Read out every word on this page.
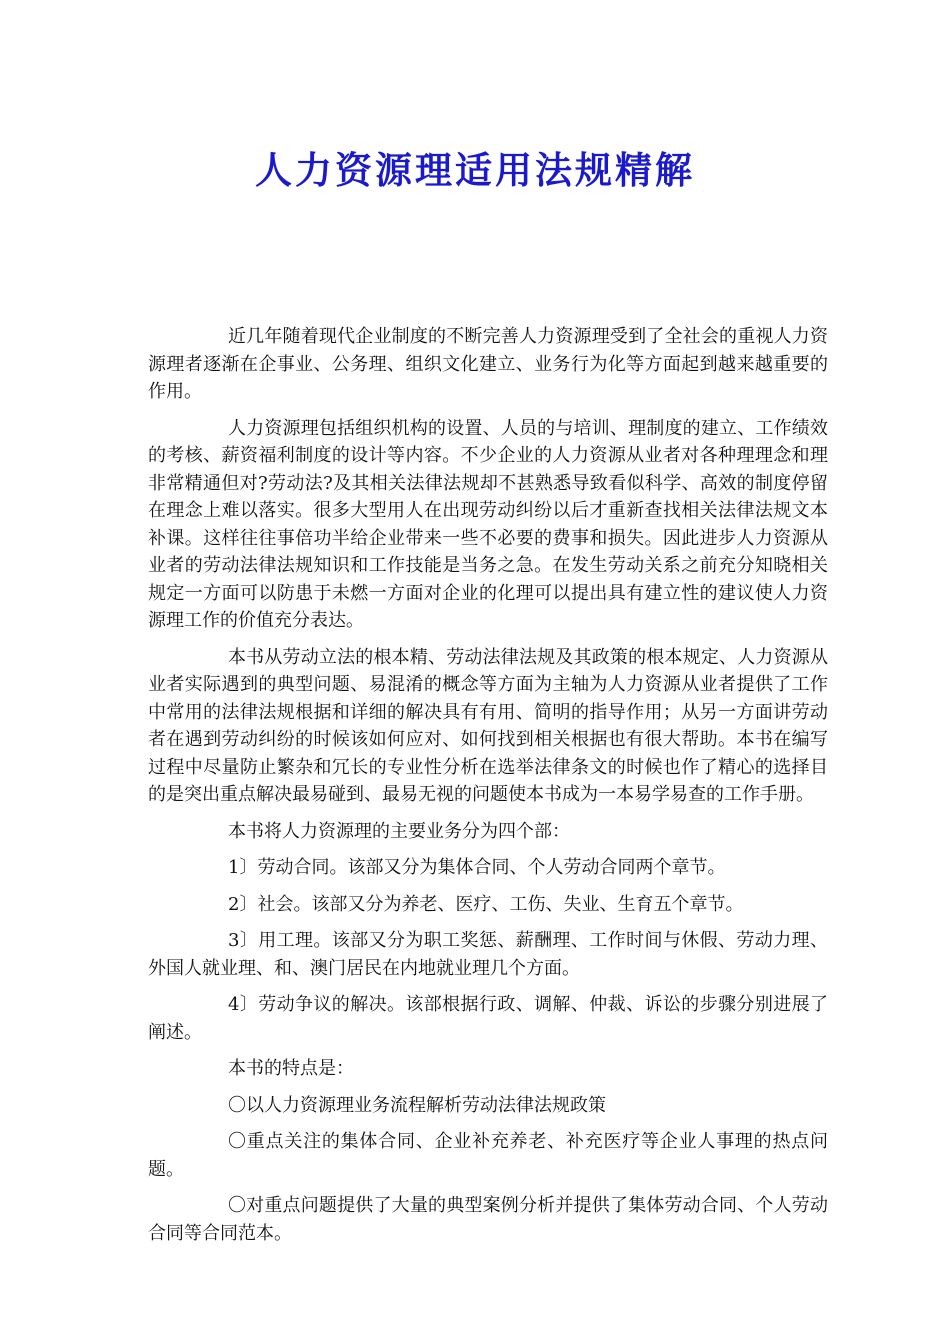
人力资源理适用法规精解

近几年随着现代企业制度的不断完善人力资源理受到了全社会的重视人力资源理者逐渐在企事业、公务理、组织文化建立、业务行为化等方面起到越来越重要的作用。

人力资源理包括组织机构的设置、人员的与培训、理制度的建立、工作绩效的考核、薪资福利制度的设计等内容。不少企业的人力资源从业者对各种理理念和理非常精通但对?劳动法?及其相关法律法规却不甚熟悉导致看似科学、高效的制度停留在理念上难以落实。很多大型用人在出现劳动纠纷以后才重新查找相关法律法规文本补课。这样往往事倍功半给企业带来一些不必要的费事和损失。因此进步人力资源从业者的劳动法律法规知识和工作技能是当务之急。在发生劳动关系之前充分知晓相关规定一方面可以防患于未燃一方面对企业的化理可以提出具有建立性的建议使人力资源理工作的价值充分表达。

本书从劳动立法的根本精、劳动法律法规及其政策的根本规定、人力资源从业者实际遇到的典型问题、易混淆的概念等方面为主轴为人力资源从业者提供了工作中常用的法律法规根据和详细的解决具有有用、简明的指导作用；从另一方面讲劳动者在遇到劳动纠纷的时候该如何应对、如何找到相关根据也有很大帮助。本书在编写过程中尽量防止繁杂和冗长的专业性分析在选举法律条文的时候也作了精心的选择目的是突出重点解决最易碰到、最易无视的问题使本书成为一本易学易查的工作手册。

本书将人力资源理的主要业务分为四个部：

1〕劳动合同。该部又分为集体合同、个人劳动合同两个章节。

2〕社会。该部又分为养老、医疗、工伤、失业、生育五个章节。

3〕用工理。该部又分为职工奖惩、薪酬理、工作时间与休假、劳动力理、外国人就业理、和、澳门居民在内地就业理几个方面。

4〕劳动争议的解决。该部根据行政、调解、仲裁、诉讼的步骤分别进展了阐述。

本书的特点是：

〇以人力资源理业务流程解析劳动法律法规政策

〇重点关注的集体合同、企业补充养老、补充医疗等企业人事理的热点问题。

〇对重点问题提供了大量的典型案例分析并提供了集体劳动合同、个人劳动合同等合同范本。
